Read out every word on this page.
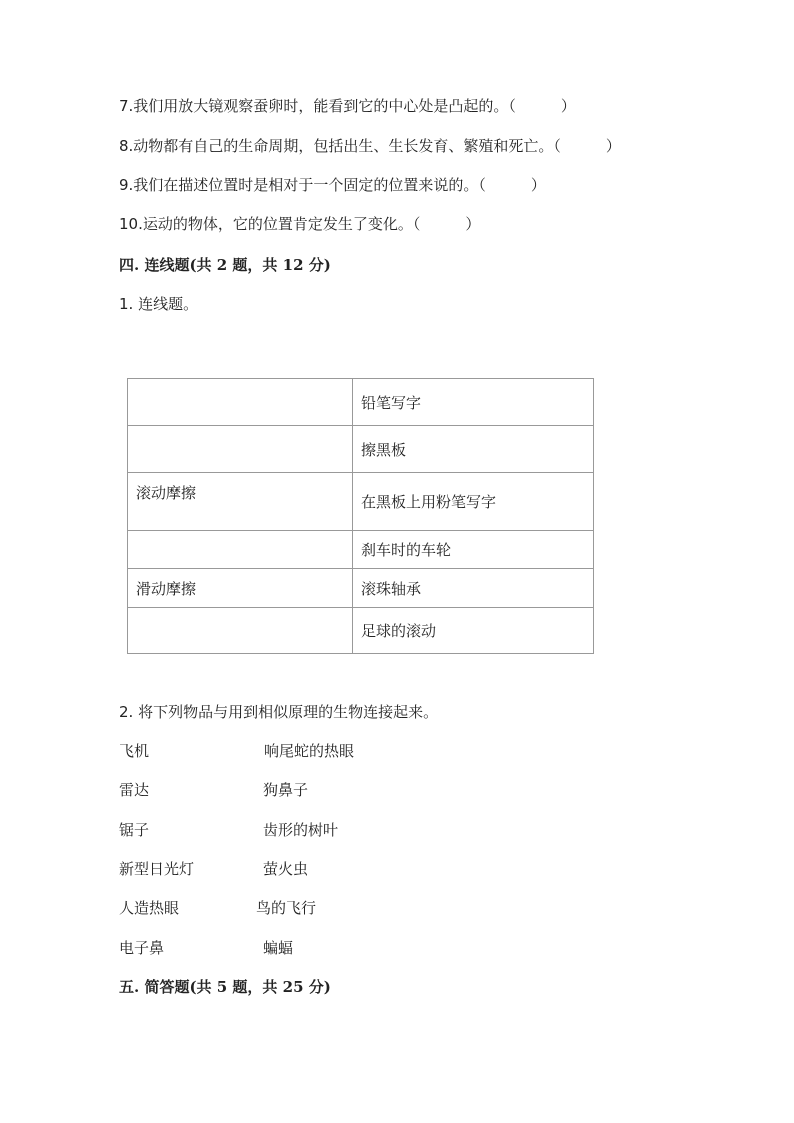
7.我们用放大镜观察蚕卵时，能看到它的中心处是凸起的。（　　　）
8.动物都有自己的生命周期，包括出生、生长发育、繁殖和死亡。（　　　）
9.我们在描述位置时是相对于一个固定的位置来说的。（　　　）
10.运动的物体，它的位置肯定发生了变化。（　　　）
四. 连线题(共 2 题，共 12 分)
1. 连线题。
	铅笔写字
	擦黑板
滚动摩擦	在黑板上用粉笔写字
	刹车时的车轮
滑动摩擦	滚珠轴承
	足球的滚动
2. 将下列物品与用到相似原理的生物连接起来。
飞机	响尾蛇的热眼
雷达	狗鼻子
锯子	齿形的树叶
新型日光灯	萤火虫
人造热眼	鸟的飞行
电子鼻	蝙蝠
五. 简答题(共 5 题，共 25 分)
